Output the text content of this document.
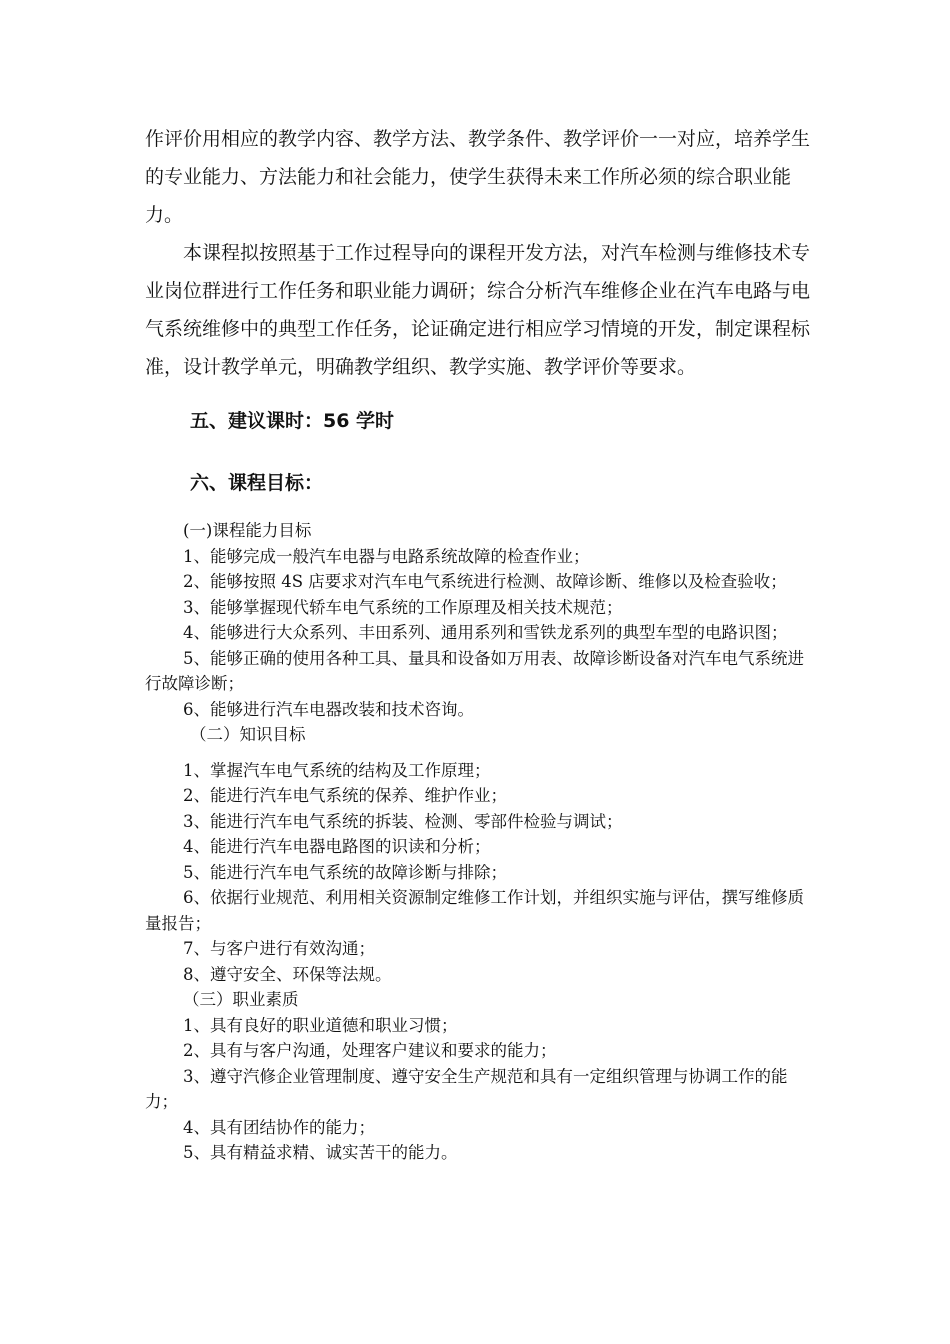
作评价用相应的教学内容、教学方法、教学条件、教学评价一一对应，培养学生的专业能力、方法能力和社会能力，使学生获得未来工作所必须的综合职业能力。

本课程拟按照基于工作过程导向的课程开发方法，对汽车检测与维修技术专业岗位群进行工作任务和职业能力调研；综合分析汽车维修企业在汽车电路与电气系统维修中的典型工作任务，论证确定进行相应学习情境的开发，制定课程标准，设计教学单元，明确教学组织、教学实施、教学评价等要求。

五、建议课时：56 学时
六、课程目标：
(一)课程能力目标
1、能够完成一般汽车电器与电路系统故障的检查作业；
2、能够按照 4S 店要求对汽车电气系统进行检测、故障诊断、维修以及检查验收；
3、能够掌握现代轿车电气系统的工作原理及相关技术规范；
4、能够进行大众系列、丰田系列、通用系列和雪铁龙系列的典型车型的电路识图；
5、能够正确的使用各种工具、量具和设备如万用表、故障诊断设备对汽车电气系统进行故障诊断；
6、能够进行汽车电器改装和技术咨询。
（二）知识目标
1、掌握汽车电气系统的结构及工作原理；
2、能进行汽车电气系统的保养、维护作业；
3、能进行汽车电气系统的拆装、检测、零部件检验与调试；
4、能进行汽车电器电路图的识读和分析；
5、能进行汽车电气系统的故障诊断与排除；
6、依据行业规范、利用相关资源制定维修工作计划，并组织实施与评估，撰写维修质量报告；
7、与客户进行有效沟通；
8、遵守安全、环保等法规。
（三）职业素质
1、具有良好的职业道德和职业习惯；
2、具有与客户沟通，处理客户建议和要求的能力；
3、遵守汽修企业管理制度、遵守安全生产规范和具有一定组织管理与协调工作的能力；
4、具有团结协作的能力；
5、具有精益求精、诚实苦干的能力。
